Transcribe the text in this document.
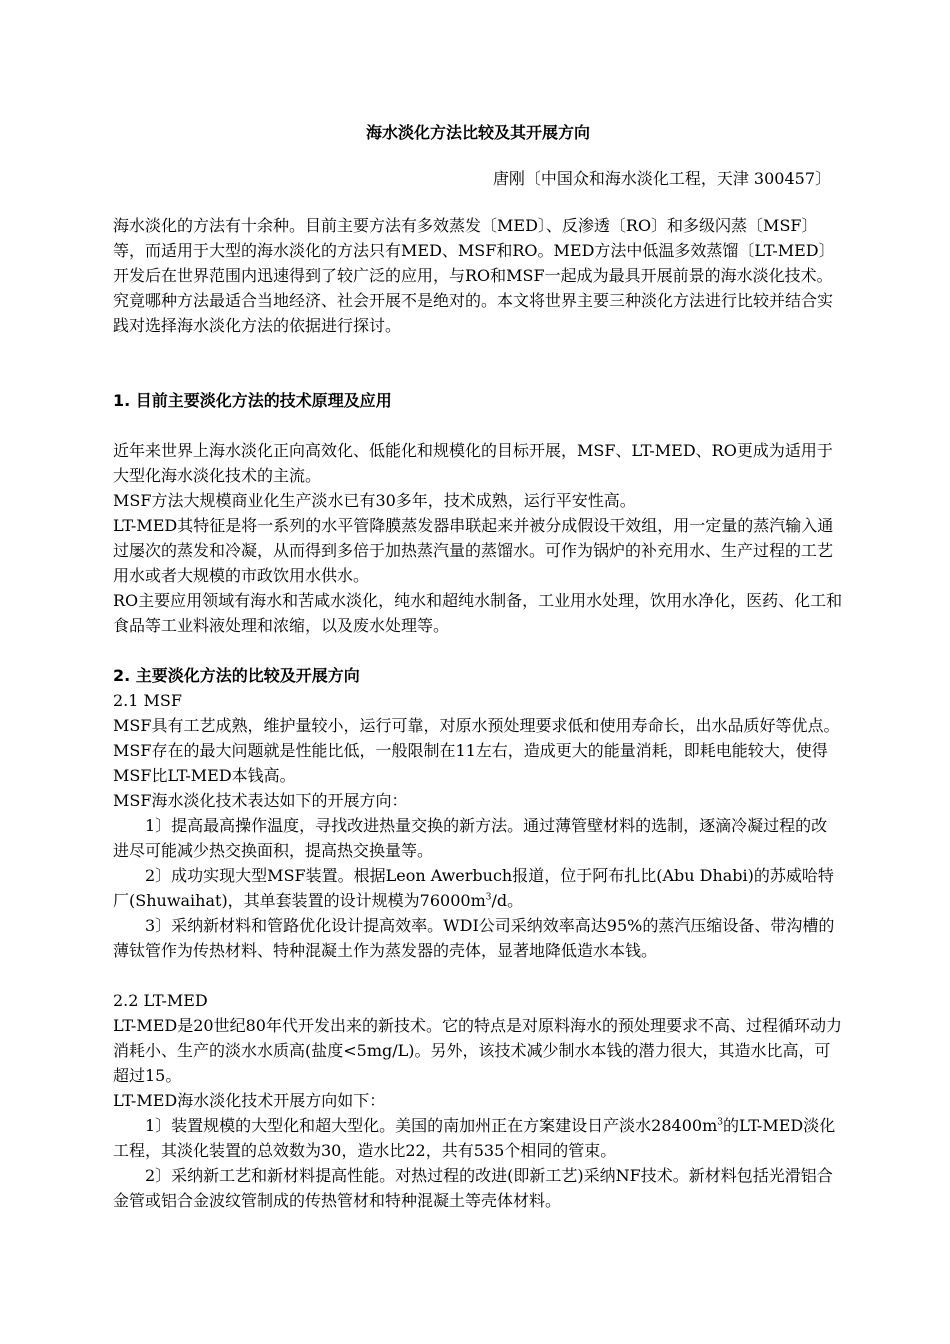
海水淡化方法比较及其开展方向

唐刚〔中国众和海水淡化工程，天津 300457〕

海水淡化的方法有十余种。目前主要方法有多效蒸发〔MED〕、反渗透〔RO〕和多级闪蒸〔MSF〕等，而适用于大型的海水淡化的方法只有MED、MSF和RO。MED方法中低温多效蒸馏〔LT-MED〕开发后在世界范围内迅速得到了较广泛的应用，与RO和MSF一起成为最具开展前景的海水淡化技术。究竟哪种方法最适合当地经济、社会开展不是绝对的。本文将世界主要三种淡化方法进行比较并结合实践对选择海水淡化方法的依据进行探讨。

1. 目前主要淡化方法的技术原理及应用

近年来世界上海水淡化正向高效化、低能化和规模化的目标开展，MSF、LT-MED、RO更成为适用于大型化海水淡化技术的主流。

MSF方法大规模商业化生产淡水已有30多年，技术成熟，运行平安性高。

LT-MED其特征是将一系列的水平管降膜蒸发器串联起来并被分成假设干效组，用一定量的蒸汽输入通过屡次的蒸发和冷凝，从而得到多倍于加热蒸汽量的蒸馏水。可作为锅炉的补充用水、生产过程的工艺用水或者大规模的市政饮用水供水。

RO主要应用领域有海水和苦咸水淡化，纯水和超纯水制备，工业用水处理，饮用水净化，医药、化工和食品等工业料液处理和浓缩，以及废水处理等。

2. 主要淡化方法的比较及开展方向

2.1 MSF

MSF具有工艺成熟，维护量较小，运行可靠，对原水预处理要求低和使用寿命长，出水品质好等优点。MSF存在的最大问题就是性能比低，一般限制在11左右，造成更大的能量消耗，即耗电能较大，使得MSF比LT-MED本钱高。

MSF海水淡化技术表达如下的开展方向：

1〕提高最高操作温度，寻找改进热量交换的新方法。通过薄管壁材料的选制，逐滴冷凝过程的改进尽可能减少热交换面积，提高热交换量等。

2〕成功实现大型MSF装置。根据Leon Awerbuch报道，位于阿布扎比(Abu Dhabi)的苏威哈特厂(Shuwaihat)，其单套装置的设计规模为$76000m^3/d$。

3〕采纳新材料和管路优化设计提高效率。WDI公司采纳效率高达95%的蒸汽压缩设备、带沟槽的薄钛管作为传热材料、特种混凝土作为蒸发器的壳体，显著地降低造水本钱。

2.2 LT-MED

LT-MED是20世纪80年代开发出来的新技术。它的特点是对原料海水的预处理要求不高、过程循环动力消耗小、生产的淡水水质高(盐度<5mg/L)。另外，该技术减少制水本钱的潜力很大，其造水比高，可超过15。

LT-MED海水淡化技术开展方向如下：

1〕装置规模的大型化和超大型化。美国的南加州正在方案建设日产淡水$28400m^3$的LT-MED淡化工程，其淡化装置的总效数为30，造水比22，共有535个相同的管束。

2〕采纳新工艺和新材料提高性能。对热过程的改进(即新工艺)采纳NF技术。新材料包括光滑铝合金管或铝合金波纹管制成的传热管材和特种混凝土等壳体材料。
